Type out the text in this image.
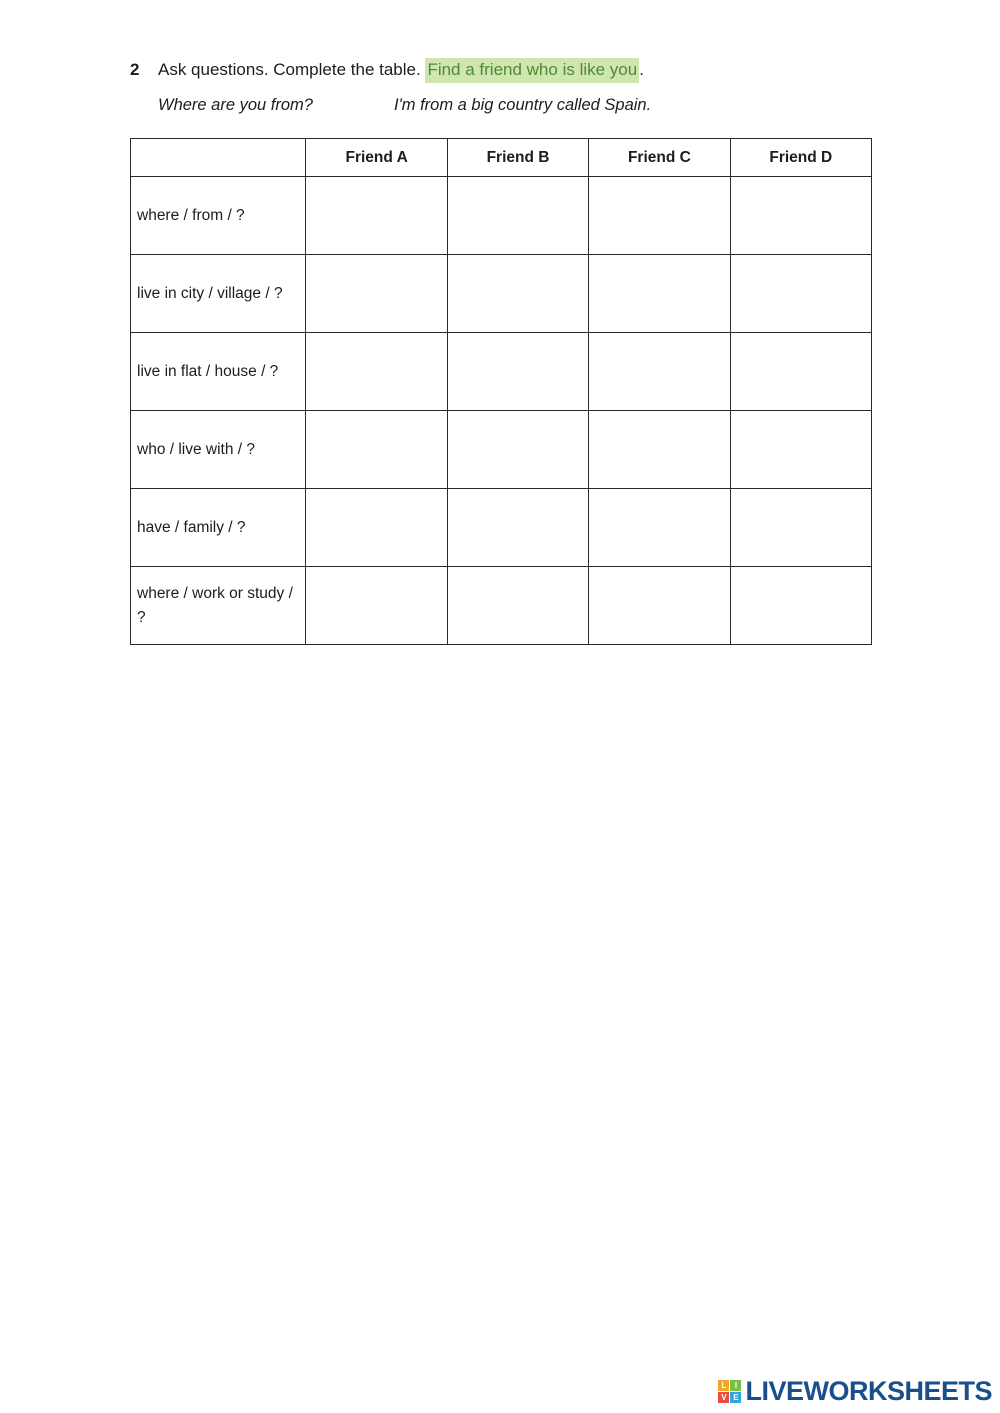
2 Ask questions. Complete the table. Find a friend who is like you .
Where are you from?	I'm from a big country called Spain.
	Friend A	Friend B	Friend C	Friend D
where / from / ?				
live in city / village / ?				
live in flat / house / ?				
who / live with / ?				
have / family / ?				
where / work or study / ?				
L	I
V E LIVEWORKSHEETS
